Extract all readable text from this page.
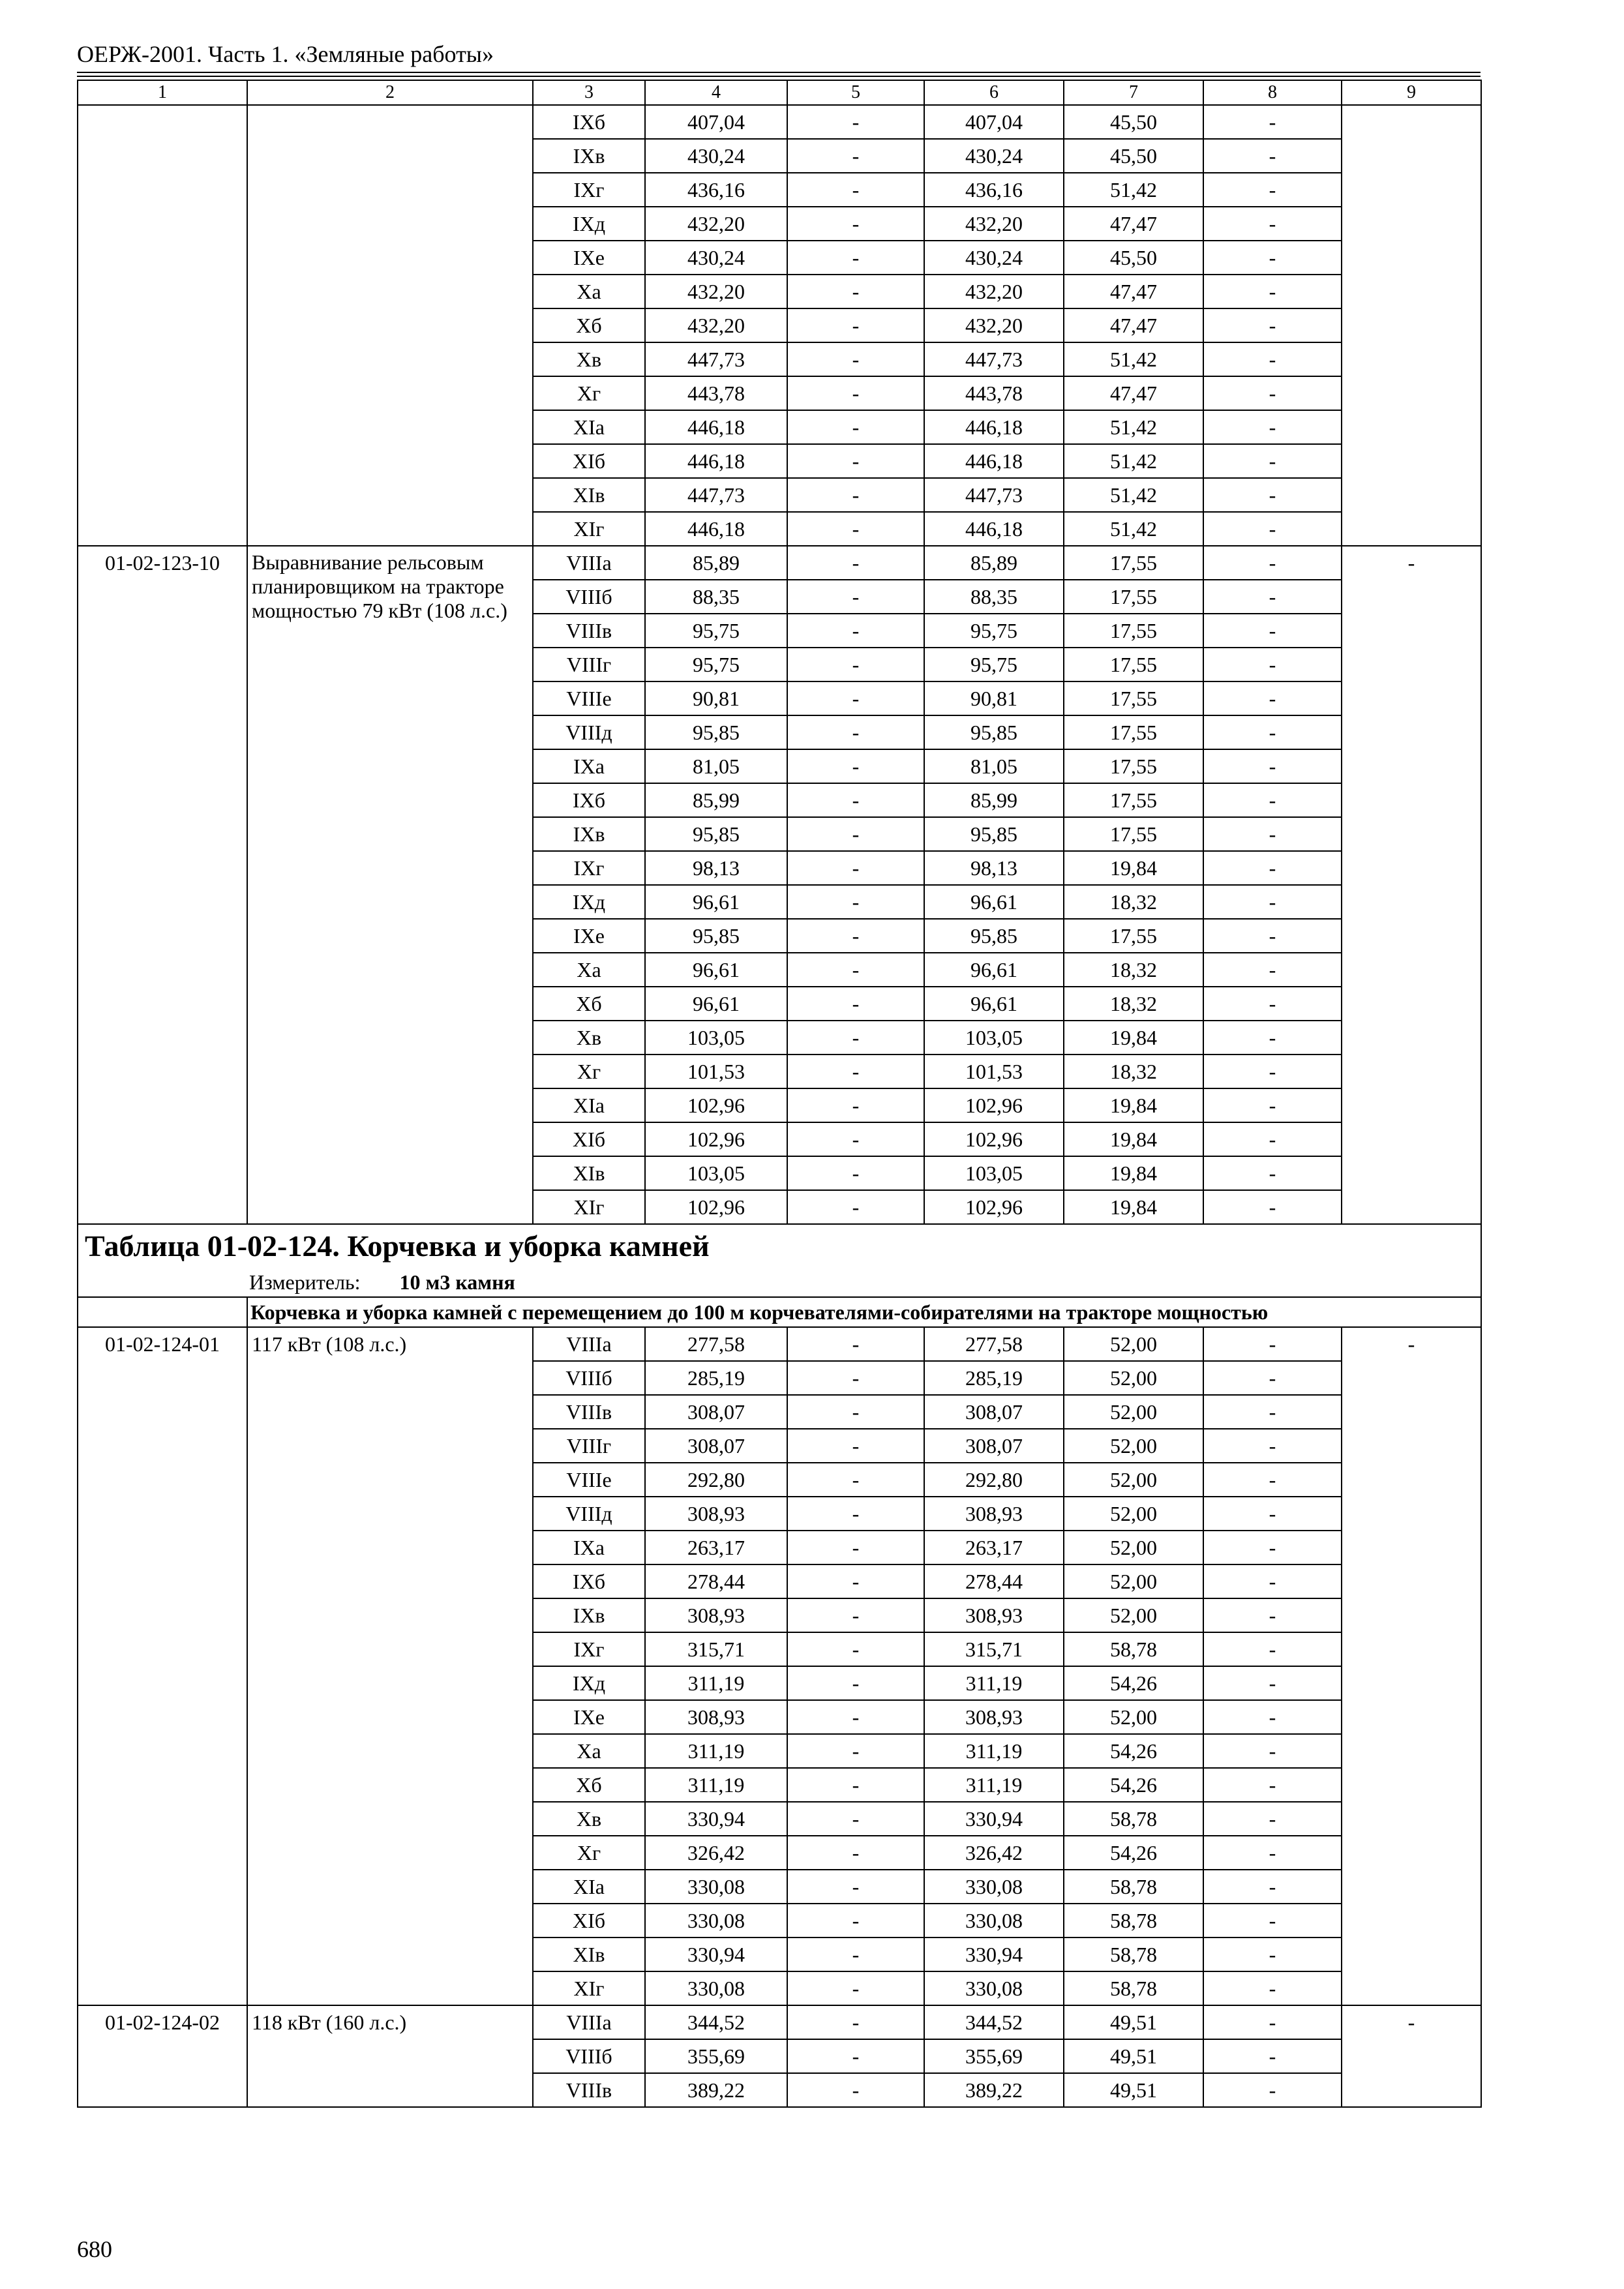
ОЕРЖ-2001. Часть 1. «Земляные работы»
1	2	3	4	5	6	7	8	9
		IXб	407,04	-	407,04	45,50	-	
		IXв	430,24	-	430,24	45,50	-	
		IXг	436,16	-	436,16	51,42	-	
		IXд	432,20	-	432,20	47,47	-	
		IXе	430,24	-	430,24	45,50	-	
		Xa	432,20	-	432,20	47,47	-	
		Xб	432,20	-	432,20	47,47	-	
		Xв	447,73	-	447,73	51,42	-	
		Xг	443,78	-	443,78	47,47	-	
		XIa	446,18	-	446,18	51,42	-	
		XIб	446,18	-	446,18	51,42	-	
		XIв	447,73	-	447,73	51,42	-	
		XIг	446,18	-	446,18	51,42	-	
01-02-123-10	Выравнивание рельсовым планировщиком на тракторе мощностью 79 кВт (108 л.с.)	VIIIa	85,89	-	85,89	17,55	-	-
		VIIIб	88,35	-	88,35	17,55	-	
		VIIIв	95,75	-	95,75	17,55	-	
		VIIIг	95,75	-	95,75	17,55	-	
		VIIIе	90,81	-	90,81	17,55	-	
		VIIIд	95,85	-	95,85	17,55	-	
		IXa	81,05	-	81,05	17,55	-	
		IXб	85,99	-	85,99	17,55	-	
		IXв	95,85	-	95,85	17,55	-	
		IXг	98,13	-	98,13	19,84	-	
		IXд	96,61	-	96,61	18,32	-	
		IXе	95,85	-	95,85	17,55	-	
		Xa	96,61	-	96,61	18,32	-	
		Xб	96,61	-	96,61	18,32	-	
		Xв	103,05	-	103,05	19,84	-	
		Xг	101,53	-	101,53	18,32	-	
		XIa	102,96	-	102,96	19,84	-	
		XIб	102,96	-	102,96	19,84	-	
		XIв	103,05	-	103,05	19,84	-	
		XIг	102,96	-	102,96	19,84	-	
Таблица 01-02-124. Корчевка и уборка камней								
Измеритель: 10 м3 камня								
	Корчевка и уборка камней с перемещением до 100 м корчевателями-собирателями на тракторе мощностью							
01-02-124-01	117 кВт (108 л.с.)	VIIIa	277,58	-	277,58	52,00	-	-
		VIIIб	285,19	-	285,19	52,00	-	
		VIIIв	308,07	-	308,07	52,00	-	
		VIIIг	308,07	-	308,07	52,00	-	
		VIIIе	292,80	-	292,80	52,00	-	
		VIIIд	308,93	-	308,93	52,00	-	
		IXa	263,17	-	263,17	52,00	-	
		IXб	278,44	-	278,44	52,00	-	
		IXв	308,93	-	308,93	52,00	-	
		IXг	315,71	-	315,71	58,78	-	
		IXд	311,19	-	311,19	54,26	-	
		IXе	308,93	-	308,93	52,00	-	
		Xa	311,19	-	311,19	54,26	-	
		Xб	311,19	-	311,19	54,26	-	
		Xв	330,94	-	330,94	58,78	-	
		Xг	326,42	-	326,42	54,26	-	
		XIa	330,08	-	330,08	58,78	-	
		XIб	330,08	-	330,08	58,78	-	
		XIв	330,94	-	330,94	58,78	-	
		XIг	330,08	-	330,08	58,78	-	
01-02-124-02	118 кВт (160 л.с.)	VIIIa	344,52	-	344,52	49,51	-	-
		VIIIб	355,69	-	355,69	49,51	-	
		VIIIв	389,22	-	389,22	49,51	-	
680
